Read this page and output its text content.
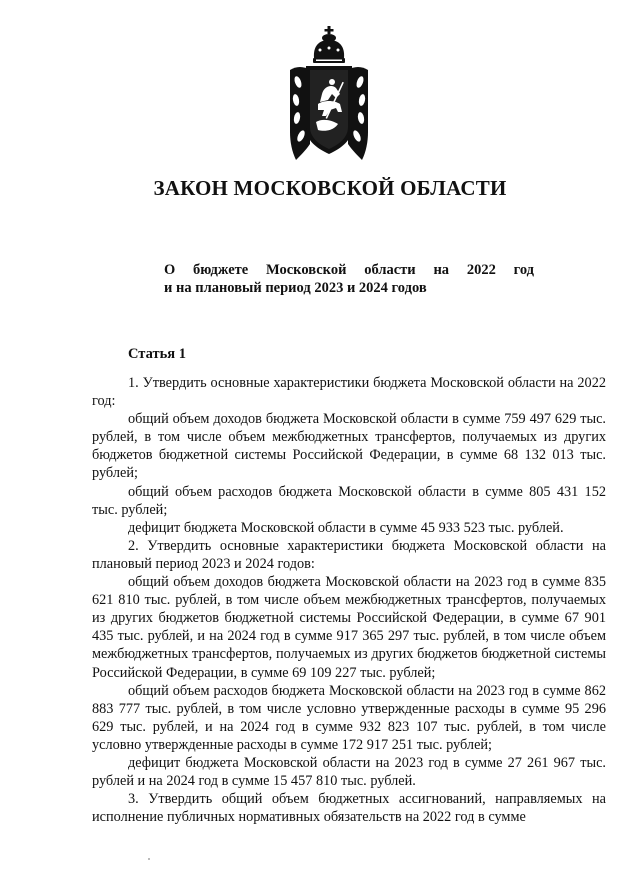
ЗАКОН МОСКОВСКОЙ ОБЛАСТИ
О бюджете Московской области на 2022 год
и на плановый период 2023 и 2024 годов
Статья 1

1. Утвердить основные характеристики бюджета Московской области на 2022 год:

общий объем доходов бюджета Московской области в сумме 759 497 629 тыс. рублей, в том числе объем межбюджетных трансфертов, получаемых из других бюджетов бюджетной системы Российской Федерации, в сумме 68 132 013 тыс. рублей;

общий объем расходов бюджета Московской области в сумме 805 431 152 тыс. рублей;

дефицит бюджета Московской области в сумме 45 933 523 тыс. рублей.

2. Утвердить основные характеристики бюджета Московской области на плановый период 2023 и 2024 годов:

общий объем доходов бюджета Московской области на 2023 год в сумме 835 621 810 тыс. рублей, в том числе объем межбюджетных трансфертов, получаемых из других бюджетов бюджетной системы Российской Федерации, в сумме 67 901 435 тыс. рублей, и на 2024 год в сумме 917 365 297 тыс. рублей, в том числе объем межбюджетных трансфертов, получаемых из других бюджетов бюджетной системы Российской Федерации, в сумме 69 109 227 тыс. рублей;

общий объем расходов бюджета Московской области на 2023 год в сумме 862 883 777 тыс. рублей, в том числе условно утвержденные расходы в сумме 95 296 629 тыс. рублей, и на 2024 год в сумме 932 823 107 тыс. рублей, в том числе условно утвержденные расходы в сумме 172 917 251 тыс. рублей;

дефицит бюджета Московской области на 2023 год в сумме 27 261 967 тыс. рублей и на 2024 год в сумме 15 457 810 тыс. рублей.

3. Утвердить общий объем бюджетных ассигнований, направляемых на исполнение публичных нормативных обязательств на 2022 год в сумме
